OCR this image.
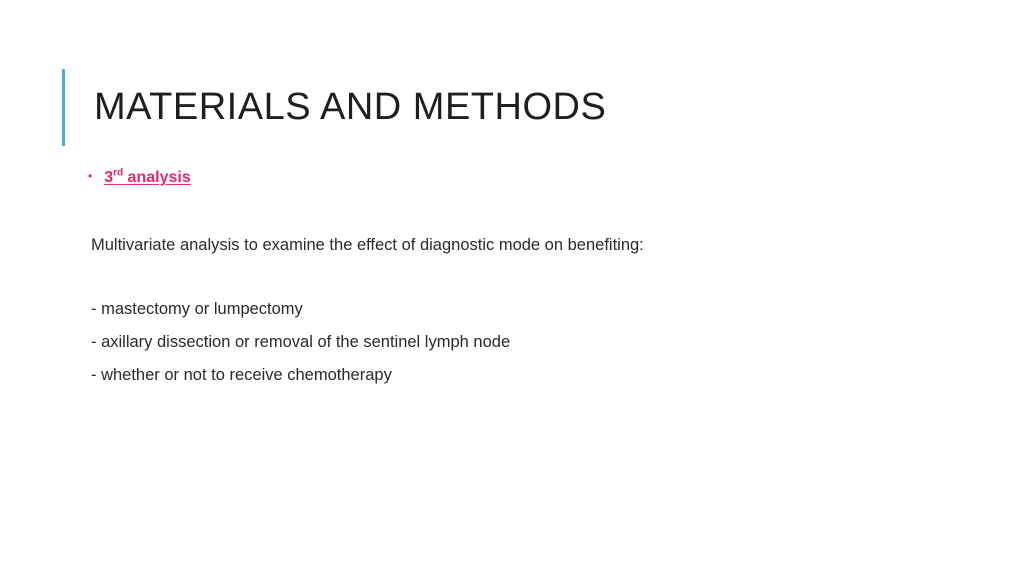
MATERIALS AND METHODS
• 3rd analysis

Multivariate analysis to examine the effect of diagnostic mode on benefiting:

- mastectomy or lumpectomy

- axillary dissection or removal of the sentinel lymph node

- whether or not to receive chemotherapy
